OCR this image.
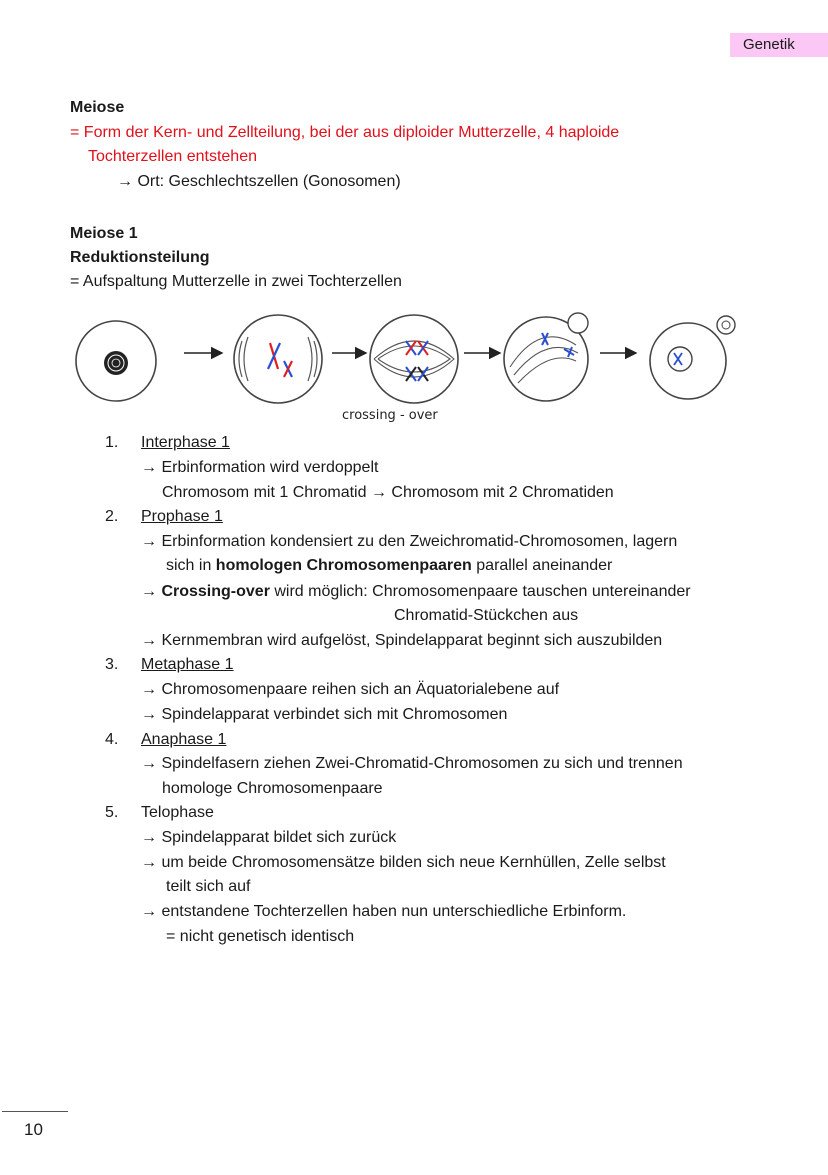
Genetik
Meiose
= Form der Kern- und Zellteilung, bei der aus diploider Mutterzelle, 4 haploide
Tochterzellen entstehen
→ Ort: Geschlechtszellen (Gonosomen)
Meiose 1
Reduktionsteilung
= Aufspaltung Mutterzelle in zwei Tochterzellen
crossing - over
1. Interphase 1
→ Erbinformation wird verdoppelt
Chromosom mit 1 Chromatid → Chromosom mit 2 Chromatiden
2. Prophase 1
→ Erbinformation kondensiert zu den Zweichromatid-Chromosomen, lagern
sich in homologen Chromosomenpaaren parallel aneinander
→ Crossing-over wird möglich: Chromosomenpaare tauschen untereinander
Chromatid-Stückchen aus
→ Kernmembran wird aufgelöst, Spindelapparat beginnt sich auszubilden
3. Metaphase 1
→ Chromosomenpaare reihen sich an Äquatorialebene auf
→ Spindelapparat verbindet sich mit Chromosomen
4. Anaphase 1
→ Spindelfasern ziehen Zwei-Chromatid-Chromosomen zu sich und trennen
homologe Chromosomenpaare
5. Telophase
→ Spindelapparat bildet sich zurück
→ um beide Chromosomensätze bilden sich neue Kernhüllen, Zelle selbst
teilt sich auf
→ entstandene Tochterzellen haben nun unterschiedliche Erbinform.
= nicht genetisch identisch
10
